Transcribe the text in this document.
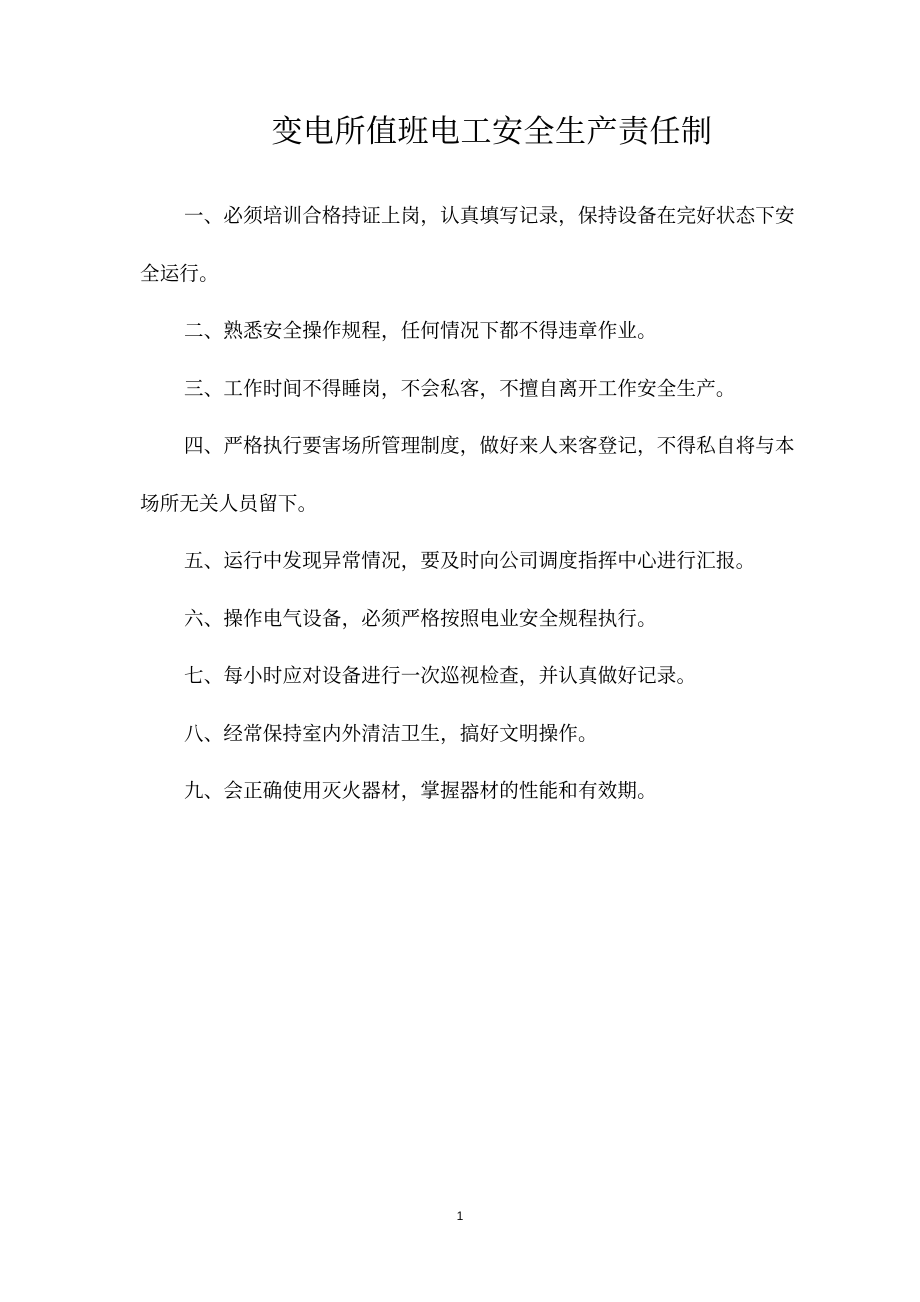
变电所值班电工安全生产责任制

一、必须培训合格持证上岗，认真填写记录，保持设备在完好状态下安全运行。

二、熟悉安全操作规程，任何情况下都不得违章作业。

三、工作时间不得睡岗，不会私客，不擅自离开工作安全生产。

四、严格执行要害场所管理制度，做好来人来客登记，不得私自将与本场所无关人员留下。

五、运行中发现异常情况，要及时向公司调度指挥中心进行汇报。

六、操作电气设备，必须严格按照电业安全规程执行。

七、每小时应对设备进行一次巡视检查，并认真做好记录。

八、经常保持室内外清洁卫生，搞好文明操作。

九、会正确使用灭火器材，掌握器材的性能和有效期。

1
